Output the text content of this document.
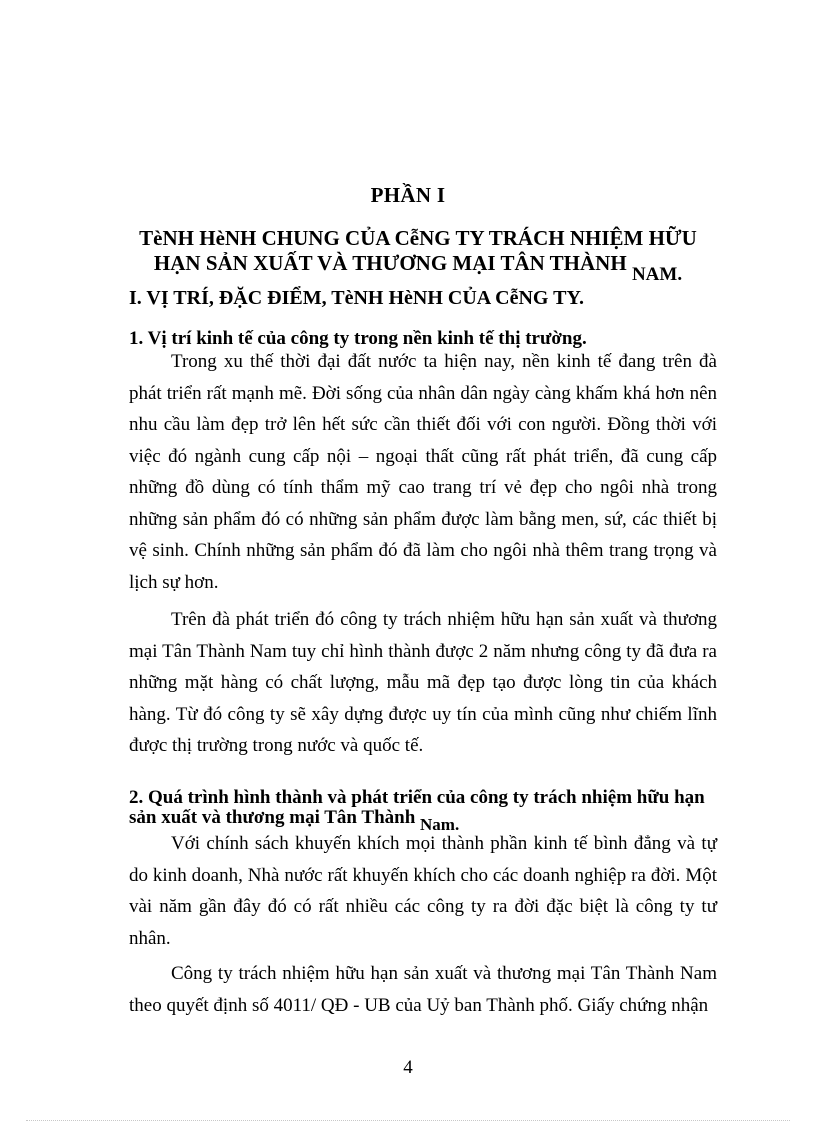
PHẦN I
TèNH HèNH CHUNG CỦA CễNG TY TRÁCH NHIỆM HỮU
HẠN SẢN XUẤT VÀ THƯƠNG MẠI TÂN THÀNH NAM.
I. VỊ TRÍ, ĐẶC ĐIỂM, TèNH HèNH CỦA CễNG TY.
1. Vị trí kinh tế của công ty trong nền kinh tế thị trường.

Trong xu thế thời đại đất nước ta hiện nay, nền kinh tế đang trên đà phát triển rất mạnh mẽ. Đời sống của nhân dân ngày càng khấm khá hơn nên nhu cầu làm đẹp trở lên hết sức cần thiết đối với con người. Đồng thời với việc đó ngành cung cấp nội – ngoại thất cũng rất phát triển, đã cung cấp những đồ dùng có tính thẩm mỹ cao trang trí vẻ đẹp cho ngôi nhà trong những sản phẩm đó có những sản phẩm được làm bằng men, sứ, các thiết bị vệ sinh. Chính những sản phẩm đó đã làm cho ngôi nhà thêm trang trọng và lịch sự hơn.

Trên đà phát triển đó công ty trách nhiệm hữu hạn sản xuất và thương mại Tân Thành Nam tuy chỉ hình thành được 2 năm nhưng công ty đã đưa ra những mặt hàng có chất lượng, mẫu mã đẹp tạo được lòng tin của khách hàng. Từ đó công ty sẽ xây dựng được uy tín của mình cũng như chiếm lĩnh được thị trường trong nước và quốc tế.

2. Quá trình hình thành và phát triển của công ty trách nhiệm hữu hạn
sản xuất và thương mại Tân Thành Nam.

Với chính sách khuyến khích mọi thành phần kinh tế bình đẳng và tự do kinh doanh, Nhà nước rất khuyến khích cho các doanh nghiệp ra đời. Một vài năm gần đây đó có rất nhiều các công ty ra đời đặc biệt là công ty tư nhân.

Công ty trách nhiệm hữu hạn sản xuất và thương mại Tân Thành Nam theo quyết định số 4011/ QĐ - UB của Uỷ ban Thành phố. Giấy chứng nhận

4
